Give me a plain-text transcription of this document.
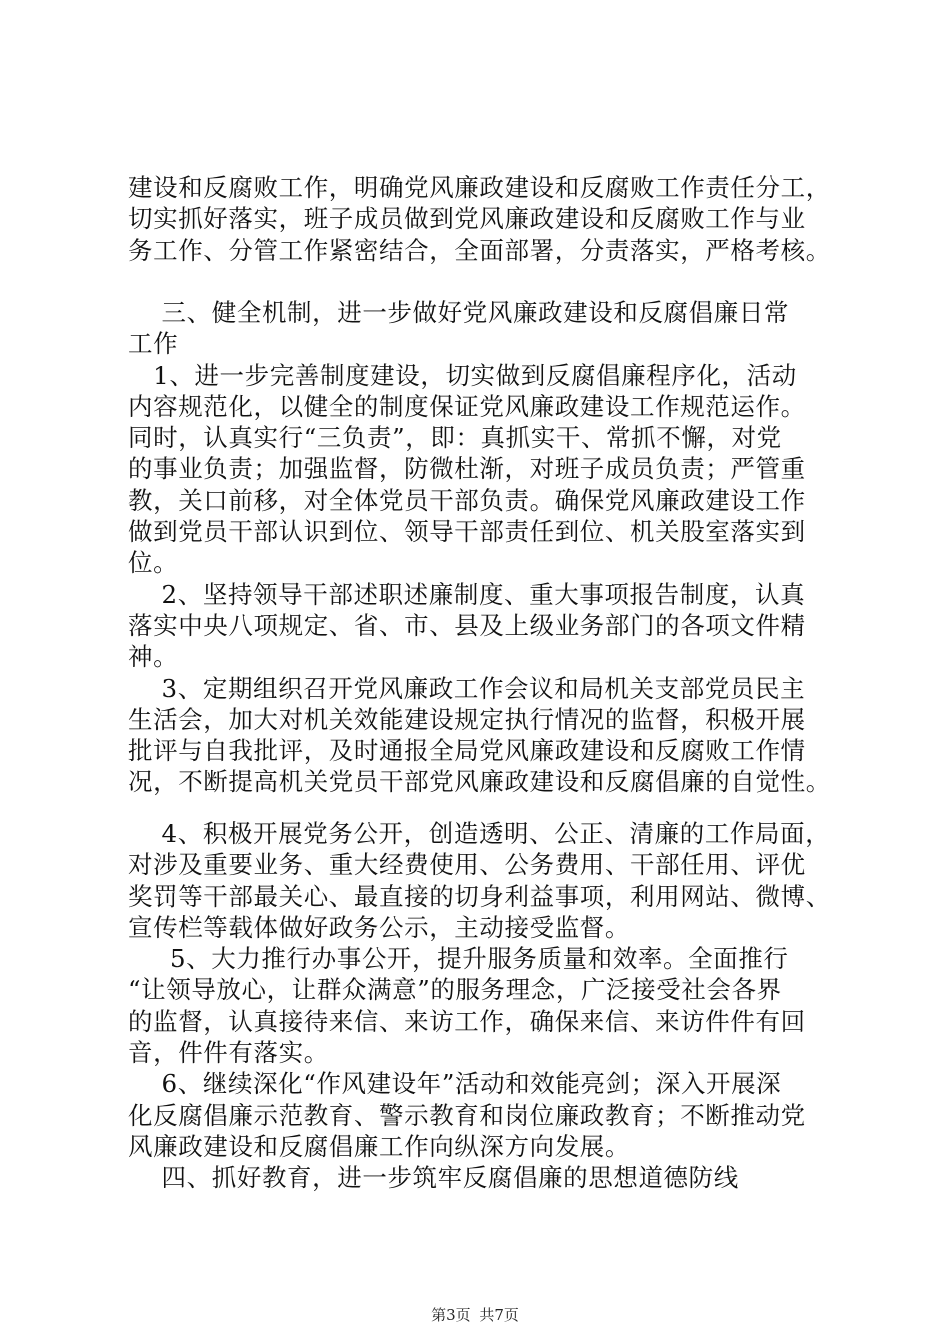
建设和反腐败工作，明确党风廉政建设和反腐败工作责任分工，
切实抓好落实，班子成员做到党风廉政建设和反腐败工作与业
务工作、分管工作紧密结合，全面部署，分责落实，严格考核。

三、健全机制，进一步做好党风廉政建设和反腐倡廉日常
工作
1、进一步完善制度建设，切实做到反腐倡廉程序化，活动
内容规范化，以健全的制度保证党风廉政建设工作规范运作。
同时，认真实行“三负责”，即：真抓实干、常抓不懈，对党
的事业负责；加强监督，防微杜渐，对班子成员负责；严管重
教，关口前移，对全体党员干部负责。确保党风廉政建设工作
做到党员干部认识到位、领导干部责任到位、机关股室落实到
位。
2、坚持领导干部述职述廉制度、重大事项报告制度，认真
落实中央八项规定、省、市、县及上级业务部门的各项文件精
神。
3、定期组织召开党风廉政工作会议和局机关支部党员民主
生活会，加大对机关效能建设规定执行情况的监督，积极开展
批评与自我批评，及时通报全局党风廉政建设和反腐败工作情
况，不断提高机关党员干部党风廉政建设和反腐倡廉的自觉性。

4、积极开展党务公开，创造透明、公正、清廉的工作局面，
对涉及重要业务、重大经费使用、公务费用、干部任用、评优
奖罚等干部最关心、最直接的切身利益事项，利用网站、微博、
宣传栏等载体做好政务公示，主动接受监督。
5、大力推行办事公开，提升服务质量和效率。全面推行
“让领导放心，让群众满意”的服务理念，广泛接受社会各界
的监督，认真接待来信、来访工作，确保来信、来访件件有回
音，件件有落实。
6、继续深化“作风建设年”活动和效能亮剑；深入开展深
化反腐倡廉示范教育、警示教育和岗位廉政教育；不断推动党
风廉政建设和反腐倡廉工作向纵深方向发展。
四、抓好教育，进一步筑牢反腐倡廉的思想道德防线

第3页 共7页
